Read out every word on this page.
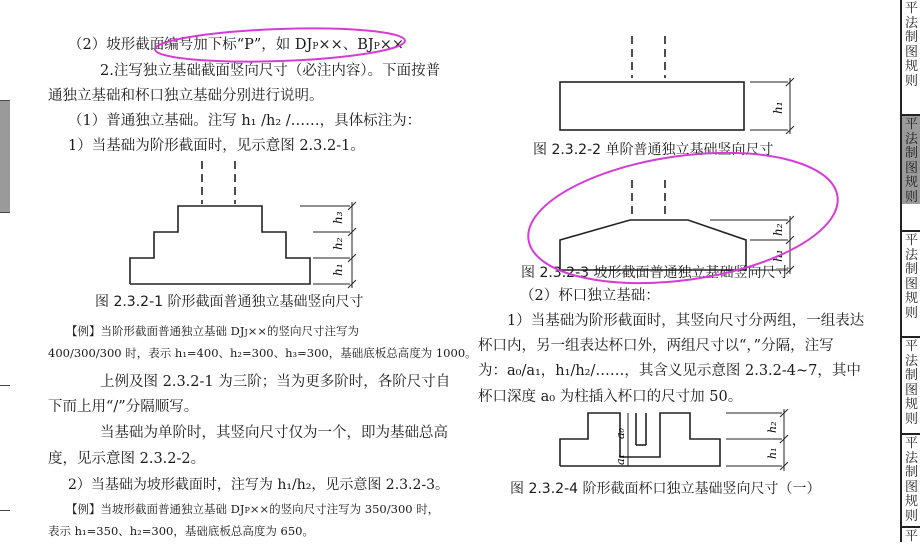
（2）坡形截面编号加下标“P”，如 DJP××、BJP××
2.注写独立基础截面竖向尺寸（必注内容）。下面按普
通独立基础和杯口独立基础分别进行说明。
（1）普通独立基础。注写 h₁ /h₂ /……，具体标注为：
1）当基础为阶形截面时，见示意图 2.3.2-1。
h₃
h₂
h₁
图 2.3.2-1 阶形截面普通独立基础竖向尺寸
【例】当阶形截面普通独立基础 DJJ××的竖向尺寸注写为
400/300/300 时，表示 h₁=400、h₂=300、h₃=300，基础底板总高度为 1000。
上例及图 2.3.2-1 为三阶；当为更多阶时，各阶尺寸自
下而上用“/”分隔顺写。
当基础为单阶时，其竖向尺寸仅为一个，即为基础总高
度，见示意图 2.3.2-2。
2）当基础为坡形截面时，注写为 h₁/h₂，见示意图 2.3.2-3。
【例】当坡形截面普通独立基础 DJP××的竖向尺寸注写为 350/300 时，
表示 h₁=350、h₂=300，基础底板总高度为 650。
h₁
图 2.3.2-2 单阶普通独立基础竖向尺寸
h₂
h₁
图 2.3.2-3 坡形截面普通独立基础竖向尺寸
（2）杯口独立基础：
1）当基础为阶形截面时，其竖向尺寸分两组，一组表达
杯口内，另一组表达杯口外，两组尺寸以“，”分隔，注写
为：a₀/a₁，h₁/h₂/……，其含义见示意图 2.3.2-4~7，其中
杯口深度 a₀ 为柱插入杯口的尺寸加 50。
h₂
h₁
a₀
a₁
图 2.3.2-4 阶形截面杯口独立基础竖向尺寸（一）
平法制图规则
平法制图规则
平法制图规则
平法制图规则
平法制图规则
平
